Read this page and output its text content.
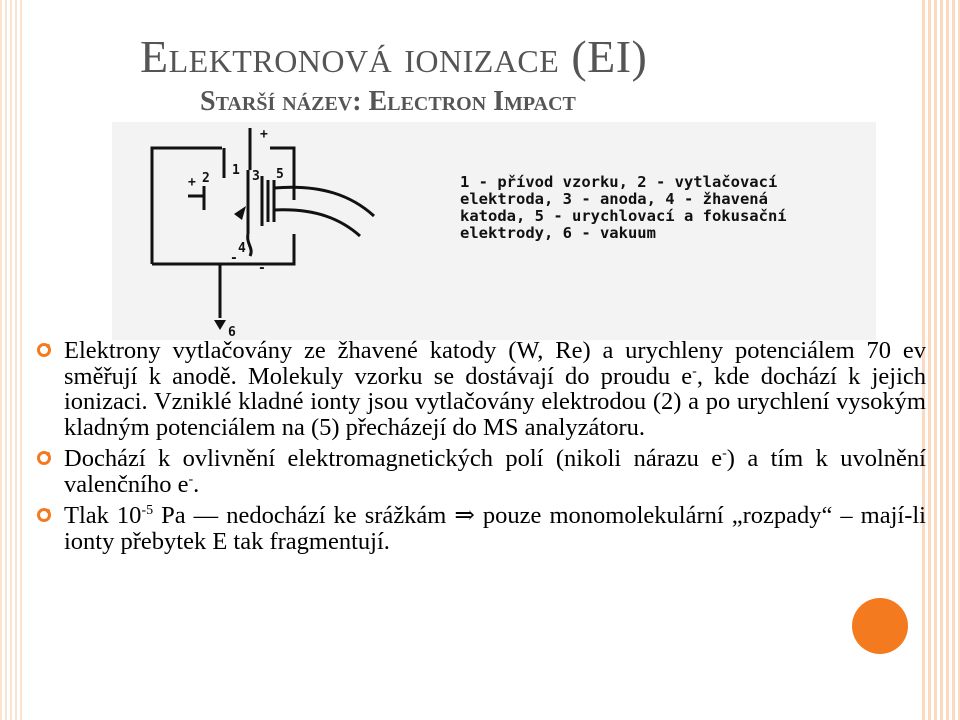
Elektronová ionizace (EI)
Starší název: Electron Impact
+
1
+ 2	3 5
4
-
-
6
1 - přívod vzorku, 2 - vytlačovací
elektroda, 3 - anoda, 4 - žhavená
katoda, 5 - urychlovací a fokusační
elektrody, 6 - vakuum
Elektrony vytlačovány ze žhavené katody (W, Re) a urychleny potenciálem 70 ev směřují k anodě. Molekuly vzorku se dostávají do proudu e-, kde dochází k jejich ionizaci. Vzniklé kladné ionty jsou vytlačovány elektrodou (2) a po urychlení vysokým kladným potenciálem na (5) přecházejí do MS analyzátoru.
Dochází k ovlivnění elektromagnetických polí (nikoli nárazu e-) a tím k uvolnění valenčního e-.
Tlak $10^{-5}$ Pa — nedochází ke srážkám ⇒ pouze monomolekulární „rozpady“ – mají-li ionty přebytek E tak fragmentují.
